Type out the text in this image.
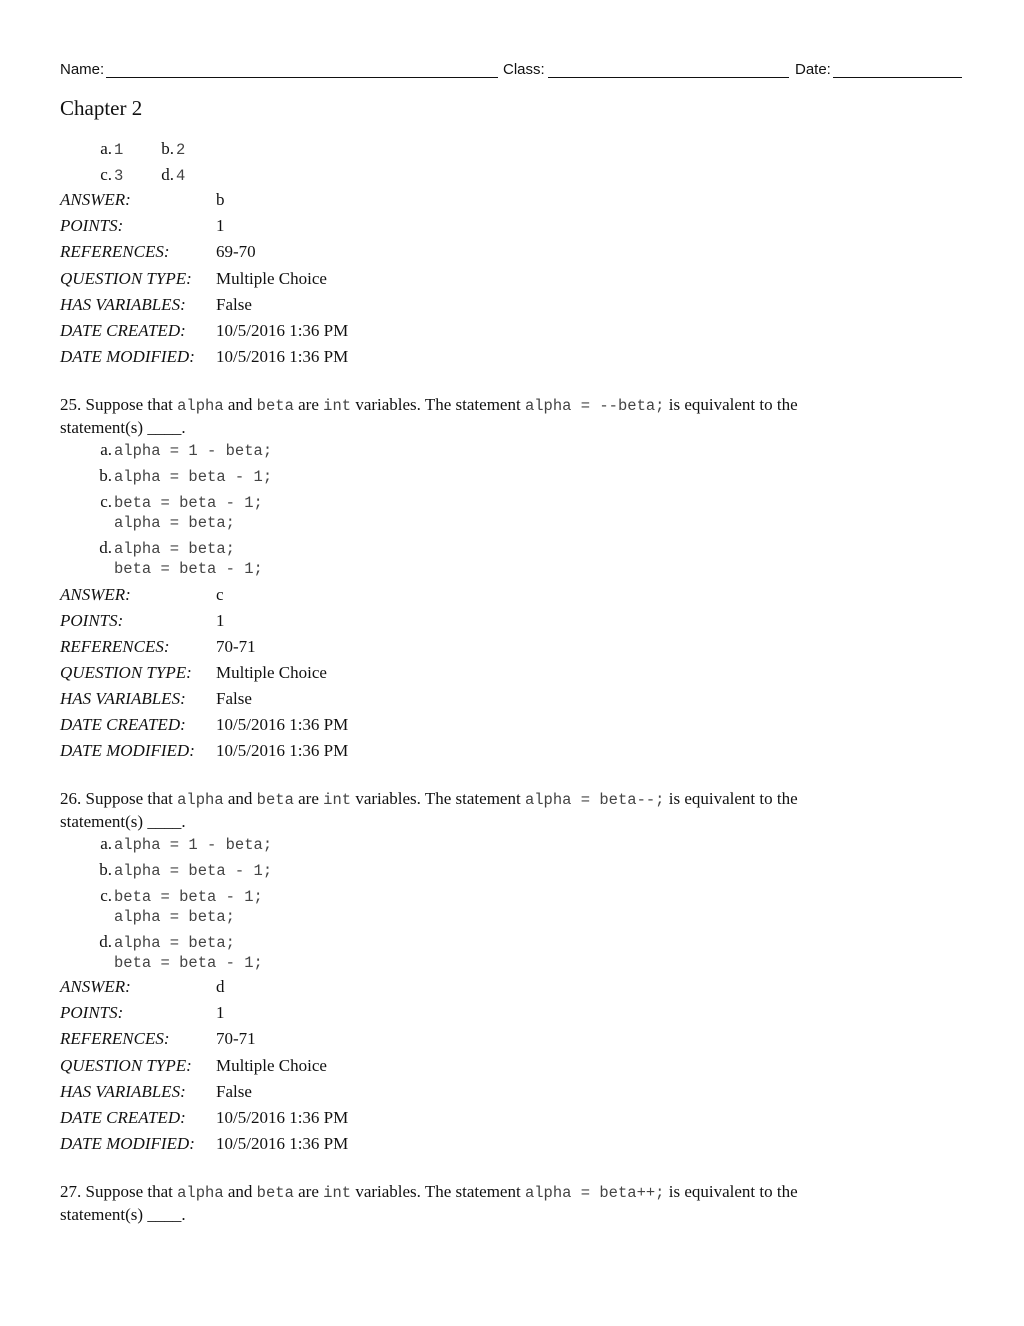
Name:	Class:	Date:
Chapter 2
a. 1	b. 2
c. 3	d. 4
ANSWER:	b
POINTS:	1
REFERENCES:	69-70
QUESTION TYPE: Multiple Choice
HAS VARIABLES: False
DATE CREATED: 10/5/2016 1:36 PM
DATE MODIFIED: 10/5/2016 1:36 PM
25. Suppose that alpha and beta are int variables. The statement alpha = --beta; is equivalent to the
statement(s) ____.
a. alpha = 1 - beta;
b. alpha = beta - 1;
c. beta = beta - 1;
alpha = beta;
d. alpha = beta;
beta = beta - 1;
ANSWER:	c
POINTS:	1
REFERENCES:	70-71
QUESTION TYPE: Multiple Choice
HAS VARIABLES: False
DATE CREATED: 10/5/2016 1:36 PM
DATE MODIFIED: 10/5/2016 1:36 PM
26. Suppose that alpha and beta are int variables. The statement alpha = beta--; is equivalent to the
statement(s) ____.
a. alpha = 1 - beta;
b. alpha = beta - 1;
c. beta = beta - 1;
alpha = beta;
d. alpha = beta;
beta = beta - 1;
ANSWER:	d
POINTS:	1
REFERENCES:	70-71
QUESTION TYPE: Multiple Choice
HAS VARIABLES: False
DATE CREATED: 10/5/2016 1:36 PM
DATE MODIFIED: 10/5/2016 1:36 PM
27. Suppose that alpha and beta are int variables. The statement alpha = beta++; is equivalent to the
statement(s) ____.
